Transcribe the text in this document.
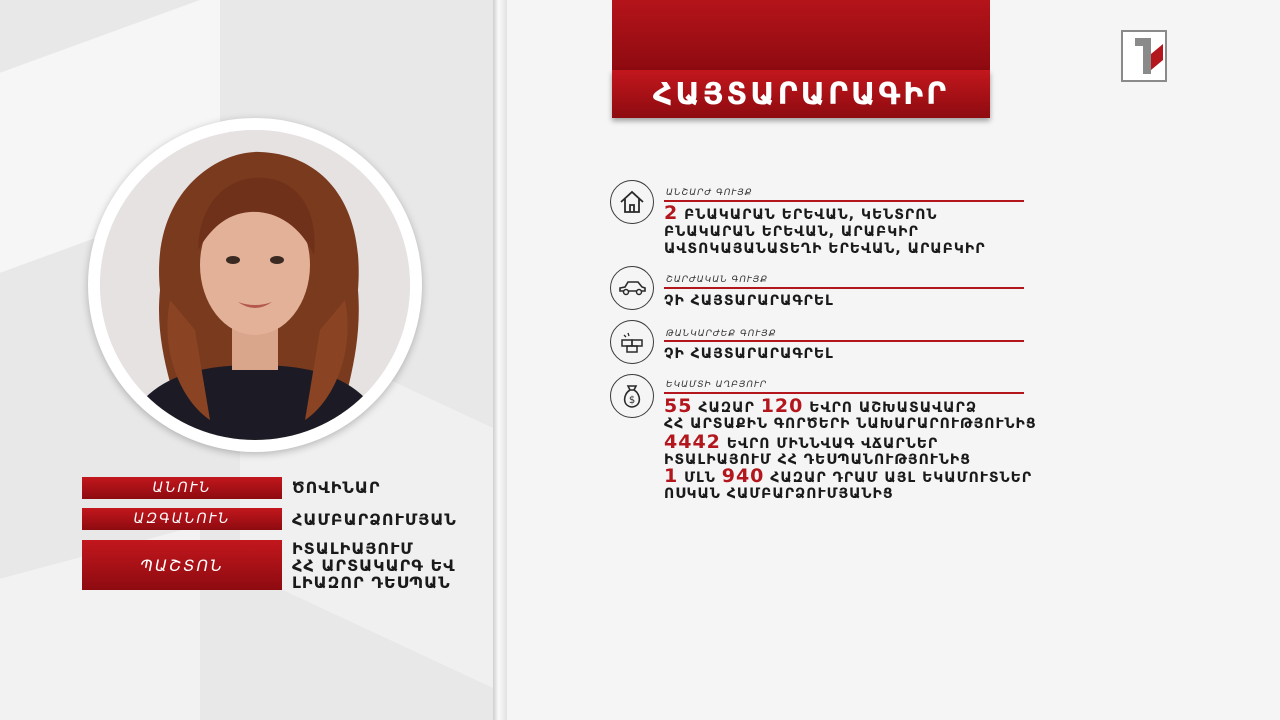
ՀԱՅՏԱՐԱՐԱԳԻՐ
ԱՆՇԱՐԺ ԳՈՒՅՔ
2 ԲՆԱԿԱՐԱՆ ԵՐԵՎԱՆ, ԿԵՆՏՐՈՆ
ԲՆԱԿԱՐԱՆ ԵՐԵՎԱՆ, ԱՐԱԲԿԻՐ
ԱՎՏՈԿԱՅԱՆԱՏԵՂԻ ԵՐԵՎԱՆ, ԱՐԱԲԿԻՐ
ՇԱՐԺԱԿԱՆ ԳՈՒՅՔ
ՉԻ ՀԱՅՏԱՐԱՐԱԳՐԵԼ
ԹԱՆԿԱՐԺԵՔ ԳՈՒՅՔ
ՉԻ ՀԱՅՏԱՐԱՐԱԳՐԵԼ
$
ԵԿԱՄՏԻ ԱՂԲՅՈՒՐ
55 ՀԱԶԱՐ 120 ԵՎՐՈ ԱՇԽԱՏԱՎԱՐՁ
ՀՀ ԱՐՏԱՔԻՆ ԳՈՐԾԵՐԻ ՆԱԽԱՐԱՐՈՒԹՅՈՒՆԻՑ
4442 ԵՎՐՈ ՄԻՆՆՎԱԳ ՎՃԱՐՆԵՐ
ԻՏԱԼԻԱՅՈՒՄ ՀՀ ԴԵՍՊԱՆՈՒԹՅՈՒՆԻՑ
1 ՄԼՆ 940 ՀԱԶԱՐ ԴՐԱՄ ԱՅԼ ԵԿԱՄՈՒՏՆԵՐ
ՈՍԿԱՆ ՀԱՄԲԱՐՁՈՒՄՅԱՆԻՑ
ԱՆՈՒՆ	ԾՈՎԻՆԱՐ
ԱԶԳԱՆՈՒՆ	ՀԱՄԲԱՐՁՈՒՄՅԱՆ
ՊԱՇՏՈՆ
ԻՏԱԼԻԱՅՈՒՄ
ՀՀ ԱՐՏԱԿԱՐԳ ԵՎ
ԼԻԱԶՈՐ ԴԵՍՊԱՆ
